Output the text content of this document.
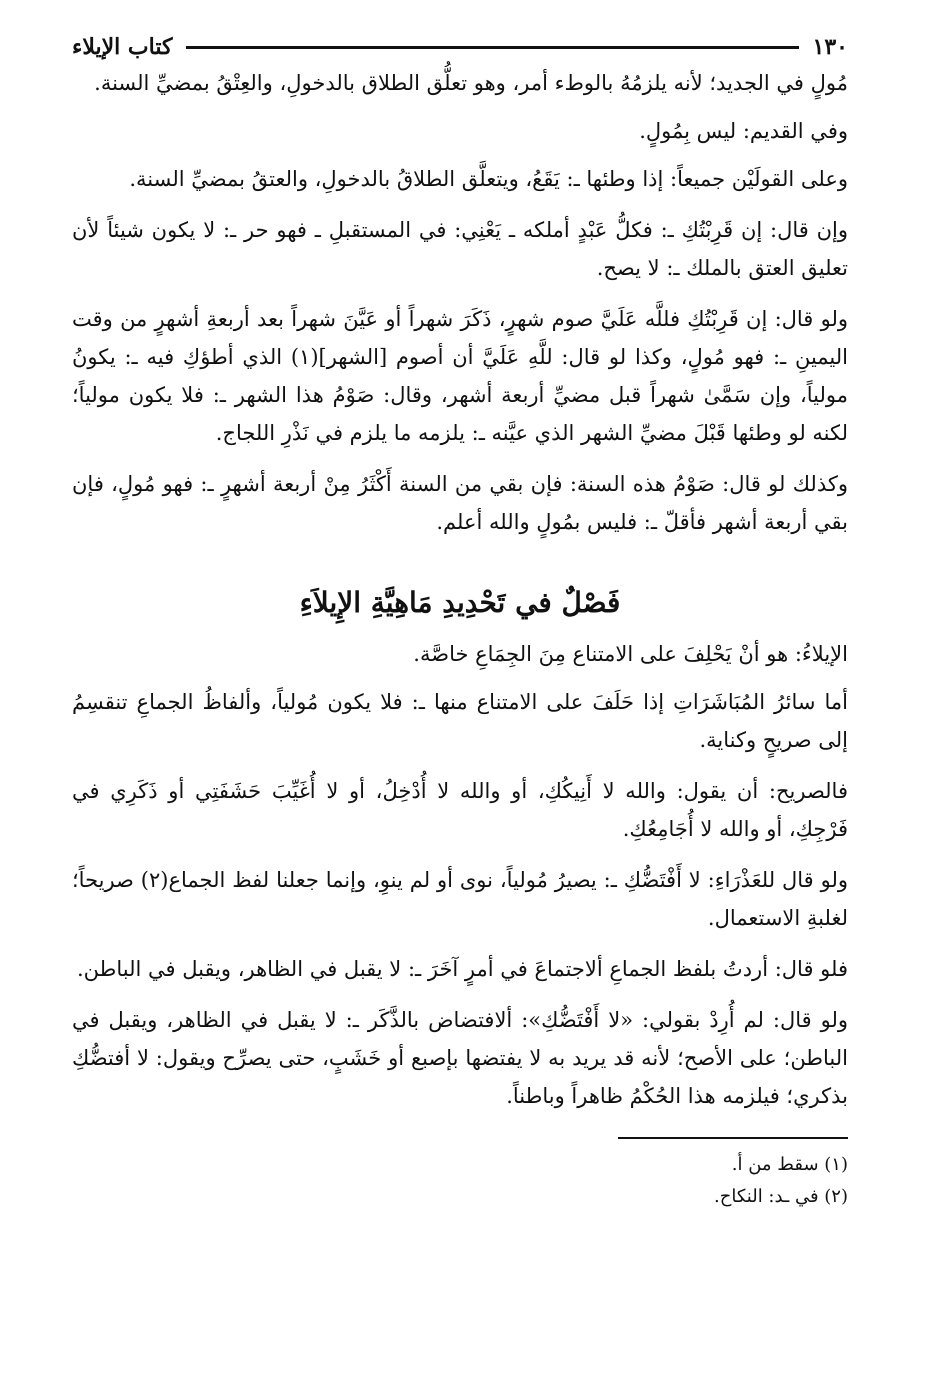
١٣٠
كتاب الإيلاء

مُولٍ في الجديد؛ لأنه يلزمُهُ بالوطء أمر، وهو تعلُّق الطلاق بالدخولِ، والعِتْقُ بمضيِّ السنة.

وفي القديم: ليس بِمُولٍ.

وعلى القولَيْن جميعاً: إذا وطئها ـ: يَقَعُ، ويتعلَّق الطلاقُ بالدخولِ، والعتقُ بمضيِّ السنة.

وإن قال: إن قَرِبْتُكِ ـ: فكلُّ عَبْدٍ أملكه ـ يَعْنِي: في المستقبلِ ـ فهو حر ـ: لا يكون شيئاً لأن تعليق العتق بالملك ـ: لا يصح.

ولو قال: إن قَرِبْتُكِ فللَّه عَلَيَّ صوم شهرٍ، ذَكَرَ شهراً أو عَيَّنَ شهراً بعد أربعةِ أشهرٍ من وقت اليمينِ ـ: فهو مُولٍ، وكذا لو قال: للَّهِ عَلَيَّ أن أصوم [الشهر](١) الذي أطؤكِ فيه ـ: يكونُ مولياً، وإن سَمَّىٰ شهراً قبل مضيِّ أربعة أشهر، وقال: صَوْمُ هذا الشهر ـ: فلا يكون مولياً؛ لكنه لو وطئها قَبْلَ مضيِّ الشهر الذي عيَّنه ـ: يلزمه ما يلزم في نَذْرِ اللجاج.

وكذلك لو قال: صَوْمُ هذه السنة: فإن بقي من السنة أَكْثَرُ مِنْ أربعة أشهرٍ ـ: فهو مُولٍ، فإن بقي أربعة أشهر فأقلّ ـ: فليس بمُولٍ والله أعلم.

فَصْلٌ في تَحْدِيدِ مَاهِيَّةِ الإِيلاَءِ

الإيلاءُ: هو أنْ يَحْلِفَ على الامتناع مِنَ الجِمَاعِ خاصَّة.

أما سائرُ المُبَاشَرَاتِ إذا حَلَفَ على الامتناع منها ـ: فلا يكون مُولياً، وألفاظُ الجماعِ تنقسِمُ إلى صريحٍ وكناية.

فالصريح: أن يقول: والله لا أَنِيكُكِ، أو والله لا أُدْخِلُ، أو لا أُغَيِّبَ حَشَفَتِي أو ذَكَرِي في فَرْجِكِ، أو والله لا أُجَامِعُكِ.

ولو قال للعَذْرَاءِ: لا أَفْتَضُّكِ ـ: يصيرُ مُولياً، نوى أو لم ينوِ، وإنما جعلنا لفظ الجماع(٢) صريحاً؛ لغلبةِ الاستعمال.

فلو قال: أردتُ بلفظ الجماعِ ألاجتماعَ في أمرٍ آخَرَ ـ: لا يقبل في الظاهر، ويقبل في الباطن.

ولو قال: لم أُرِدْ بقولي: «لا أَفْتَضُّكِ»: ألافتضاض بالذَّكَر ـ: لا يقبل في الظاهر، ويقبل في الباطن؛ على الأصح؛ لأنه قد يريد به لا يفتضها بإصبع أو خَشَبٍ، حتى يصرِّح ويقول: لا أفتضُّكِ بذكري؛ فيلزمه هذا الحُكْمُ ظاهراً وباطناً.

(١) سقط من أ.
(٢) في ـد: النكاح.
